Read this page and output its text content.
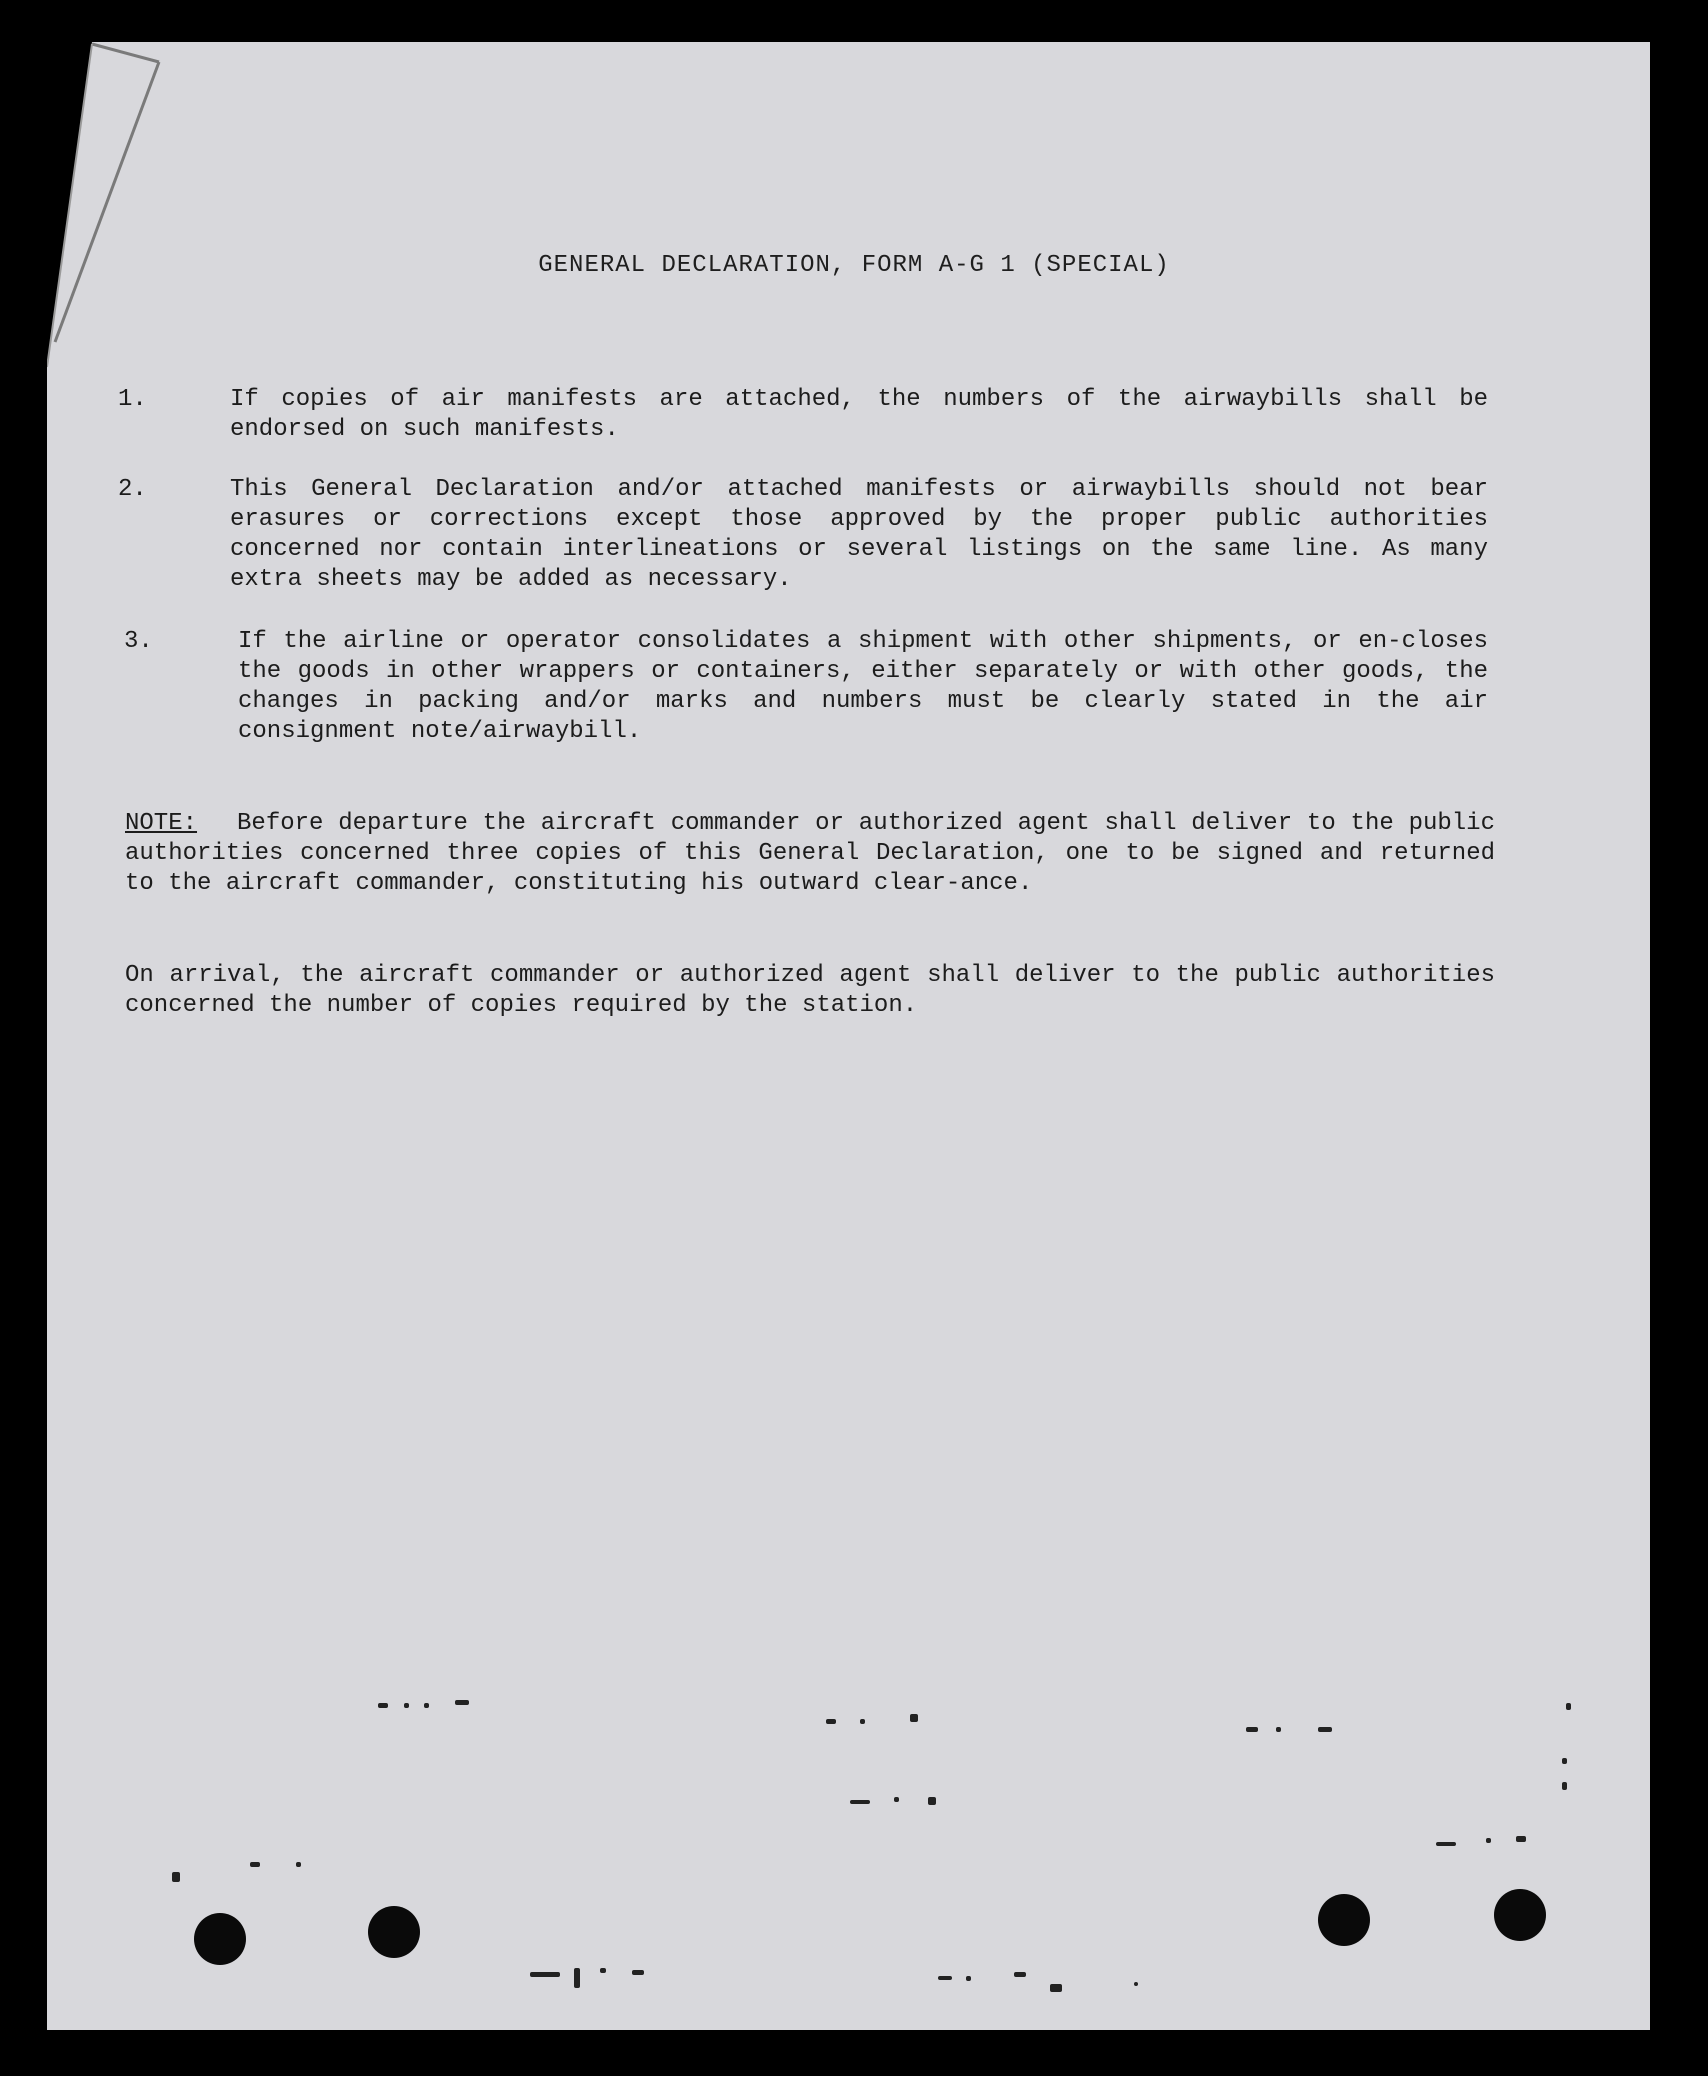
GENERAL DECLARATION, FORM A-G 1 (SPECIAL)
1.	If copies of air manifests are attached, the numbers of the airwaybills shall be endorsed on such manifests.
2.	This General Declaration and/or attached manifests or airwaybills should not bear erasures or corrections except those approved by the proper public authorities concerned nor contain interlineations or several listings on the same line. As many extra sheets may be added as necessary.
3.	If the airline or operator consolidates a shipment with other shipments, or en-closes the goods in other wrappers or containers, either separately or with other goods, the changes in packing and/or marks and numbers must be clearly stated in the air consignment note/airwaybill.
NOTE: Before departure the aircraft commander or authorized agent shall deliver to the public authorities concerned three copies of this General Declaration, one to be signed and returned to the aircraft commander, constituting his outward clear-ance.
On arrival, the aircraft commander or authorized agent shall deliver to the public authorities concerned the number of copies required by the station.
